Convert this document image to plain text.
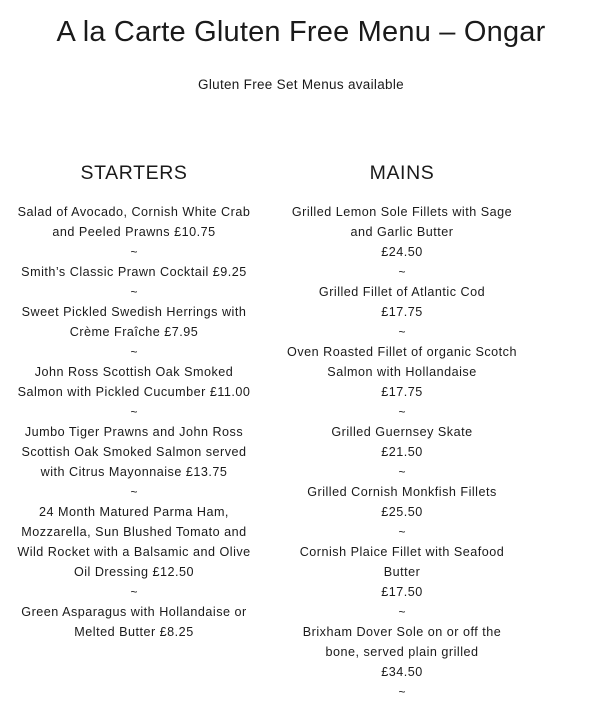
A la Carte Gluten Free Menu – Ongar
Gluten Free Set Menus available
STARTERS
Salad of Avocado, Cornish White Crab
and Peeled Prawns £10.75
~
Smith’s Classic Prawn Cocktail £9.25
~
Sweet Pickled Swedish Herrings with
Crème Fraîche £7.95
~
John Ross Scottish Oak Smoked
Salmon with Pickled Cucumber £11.00
~
Jumbo Tiger Prawns and John Ross
Scottish Oak Smoked Salmon served
with Citrus Mayonnaise £13.75
~
24 Month Matured Parma Ham,
Mozzarella, Sun Blushed Tomato and
Wild Rocket with a Balsamic and Olive
Oil Dressing £12.50
~
Green Asparagus with Hollandaise or
Melted Butter £8.25
MAINS
Grilled Lemon Sole Fillets with Sage
and Garlic Butter
£24.50
~
Grilled Fillet of Atlantic Cod
£17.75
~
Oven Roasted Fillet of organic Scotch
Salmon with Hollandaise
£17.75
~
Grilled Guernsey Skate
£21.50
~
Grilled Cornish Monkfish Fillets
£25.50
~
Cornish Plaice Fillet with Seafood
Butter
£17.50
~
Brixham Dover Sole on or off the
bone, served plain grilled
£34.50
~
